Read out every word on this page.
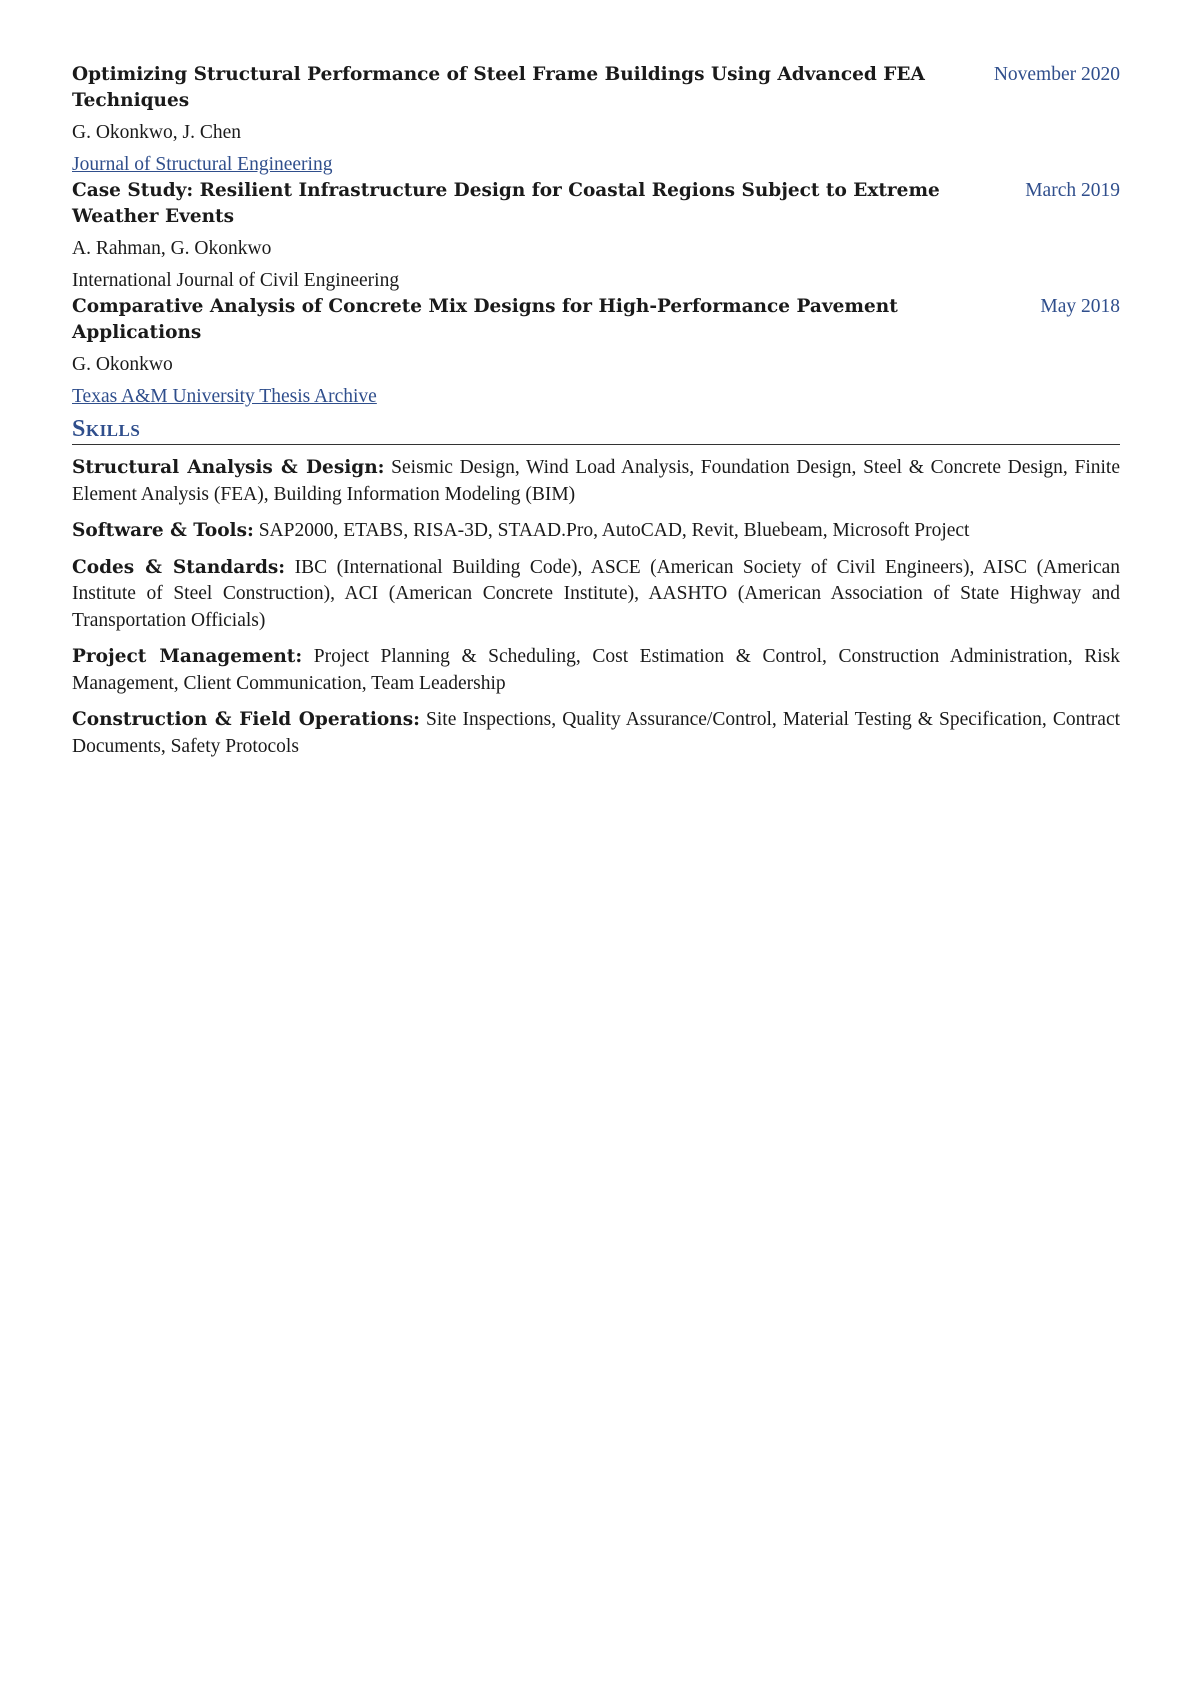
Optimizing Structural Performance of Steel Frame Buildings Using Advanced FEA Techniques
November 2020
G. Okonkwo, J. Chen
Journal of Structural Engineering
Case Study: Resilient Infrastructure Design for Coastal Regions Subject to Extreme Weather Events
March 2019
A. Rahman, G. Okonkwo
International Journal of Civil Engineering
Comparative Analysis of Concrete Mix Designs for High-Performance Pavement Applications
May 2018
G. Okonkwo
Texas A&M University Thesis Archive
Skills
Structural Analysis & Design: Seismic Design, Wind Load Analysis, Foundation Design, Steel & Concrete Design, Finite Element Analysis (FEA), Building Information Modeling (BIM)
Software & Tools: SAP2000, ETABS, RISA-3D, STAAD.Pro, AutoCAD, Revit, Bluebeam, Microsoft Project
Codes & Standards: IBC (International Building Code), ASCE (American Society of Civil Engineers), AISC (American Institute of Steel Construction), ACI (American Concrete Institute), AASHTO (American Association of State Highway and Transportation Officials)
Project Management: Project Planning & Scheduling, Cost Estimation & Control, Construction Administration, Risk Management, Client Communication, Team Leadership
Construction & Field Operations: Site Inspections, Quality Assurance/Control, Material Testing & Specification, Contract Documents, Safety Protocols
